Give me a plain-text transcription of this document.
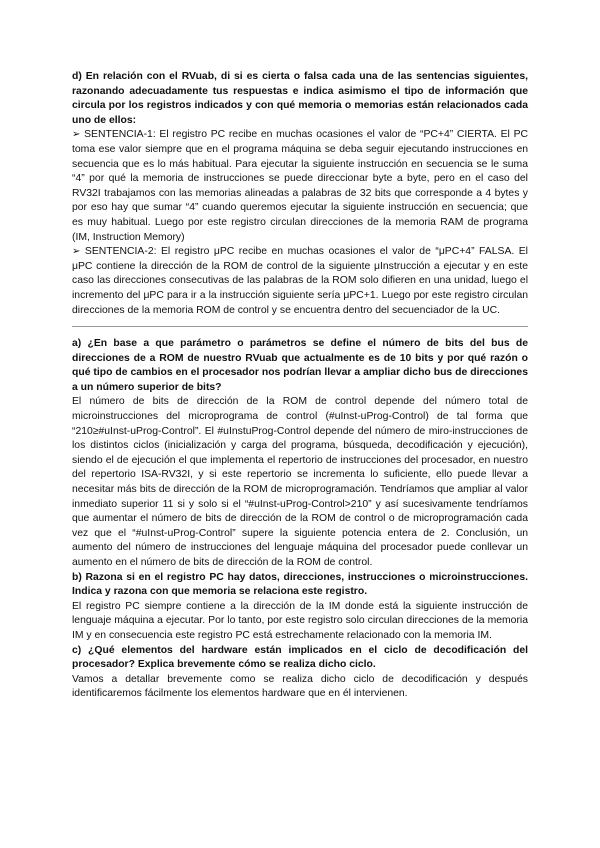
d) En relación con el RVuab, di si es cierta o falsa cada una de las sentencias siguientes, razonando adecuadamente tus respuestas e indica asimismo el tipo de información que circula por los registros indicados y con qué memoria o memorias están relacionados cada uno de ellos:

➢ SENTENCIA-1: El registro PC recibe en muchas ocasiones el valor de “PC+4” CIERTA. El PC toma ese valor siempre que en el programa máquina se deba seguir ejecutando instrucciones en secuencia que es lo más habitual. Para ejecutar la siguiente instrucción en secuencia se le suma “4” por qué la memoria de instrucciones se puede direccionar byte a byte, pero en el caso del RV32I trabajamos con las memorias alineadas a palabras de 32 bits que corresponde a 4 bytes y por eso hay que sumar “4” cuando queremos ejecutar la siguiente instrucción en secuencia; que es muy habitual. Luego por este registro circulan direcciones de la memoria RAM de programa (IM, Instruction Memory)

➢ SENTENCIA-2: El registro μPC recibe en muchas ocasiones el valor de “μPC+4” FALSA. El μPC contiene la dirección de la ROM de control de la siguiente μInstrucción a ejecutar y en este caso las direcciones consecutivas de las palabras de la ROM solo difieren en una unidad, luego el incremento del μPC para ir a la instrucción siguiente sería μPC+1. Luego por este registro circulan direcciones de la memoria ROM de control y se encuentra dentro del secuenciador de la UC.

a) ¿En base a que parámetro o parámetros se define el número de bits del bus de direcciones de a ROM de nuestro RVuab que actualmente es de 10 bits y por qué razón o qué tipo de cambios en el procesador nos podrían llevar a ampliar dicho bus de direcciones a un número superior de bits?

El número de bits de dirección de la ROM de control depende del número total de microinstrucciones del microprograma de control (#uInst-uProg-Control) de tal forma que “210≥#uInst-uProg-Control”. El #uInstuProg-Control depende del número de miro-instrucciones de los distintos ciclos (inicialización y carga del programa, búsqueda, decodificación y ejecución), siendo el de ejecución el que implementa el repertorio de instrucciones del procesador, en nuestro del repertorio ISA-RV32I, y si este repertorio se incrementa lo suficiente, ello puede llevar a necesitar más bits de dirección de la ROM de microprogramación. Tendríamos que ampliar al valor inmediato superior 11 si y solo si el “#uInst-uProg-Control>210” y así sucesivamente tendríamos que aumentar el número de bits de dirección de la ROM de control o de microprogramación cada vez que el “#uInst-uProg-Control” supere la siguiente potencia entera de 2. Conclusión, un aumento del número de instrucciones del lenguaje máquina del procesador puede conllevar un aumento en el número de bits de dirección de la ROM de control.

b) Razona si en el registro PC hay datos, direcciones, instrucciones o microinstrucciones. Indica y razona con que memoria se relaciona este registro.

El registro PC siempre contiene a la dirección de la IM donde está la siguiente instrucción de lenguaje máquina a ejecutar. Por lo tanto, por este registro solo circulan direcciones de la memoria IM y en consecuencia este registro PC está estrechamente relacionado con la memoria IM.

c) ¿Qué elementos del hardware están implicados en el ciclo de decodificación del procesador? Explica brevemente cómo se realiza dicho ciclo.

Vamos a detallar brevemente como se realiza dicho ciclo de decodificación y después identificaremos fácilmente los elementos hardware que en él intervienen.
